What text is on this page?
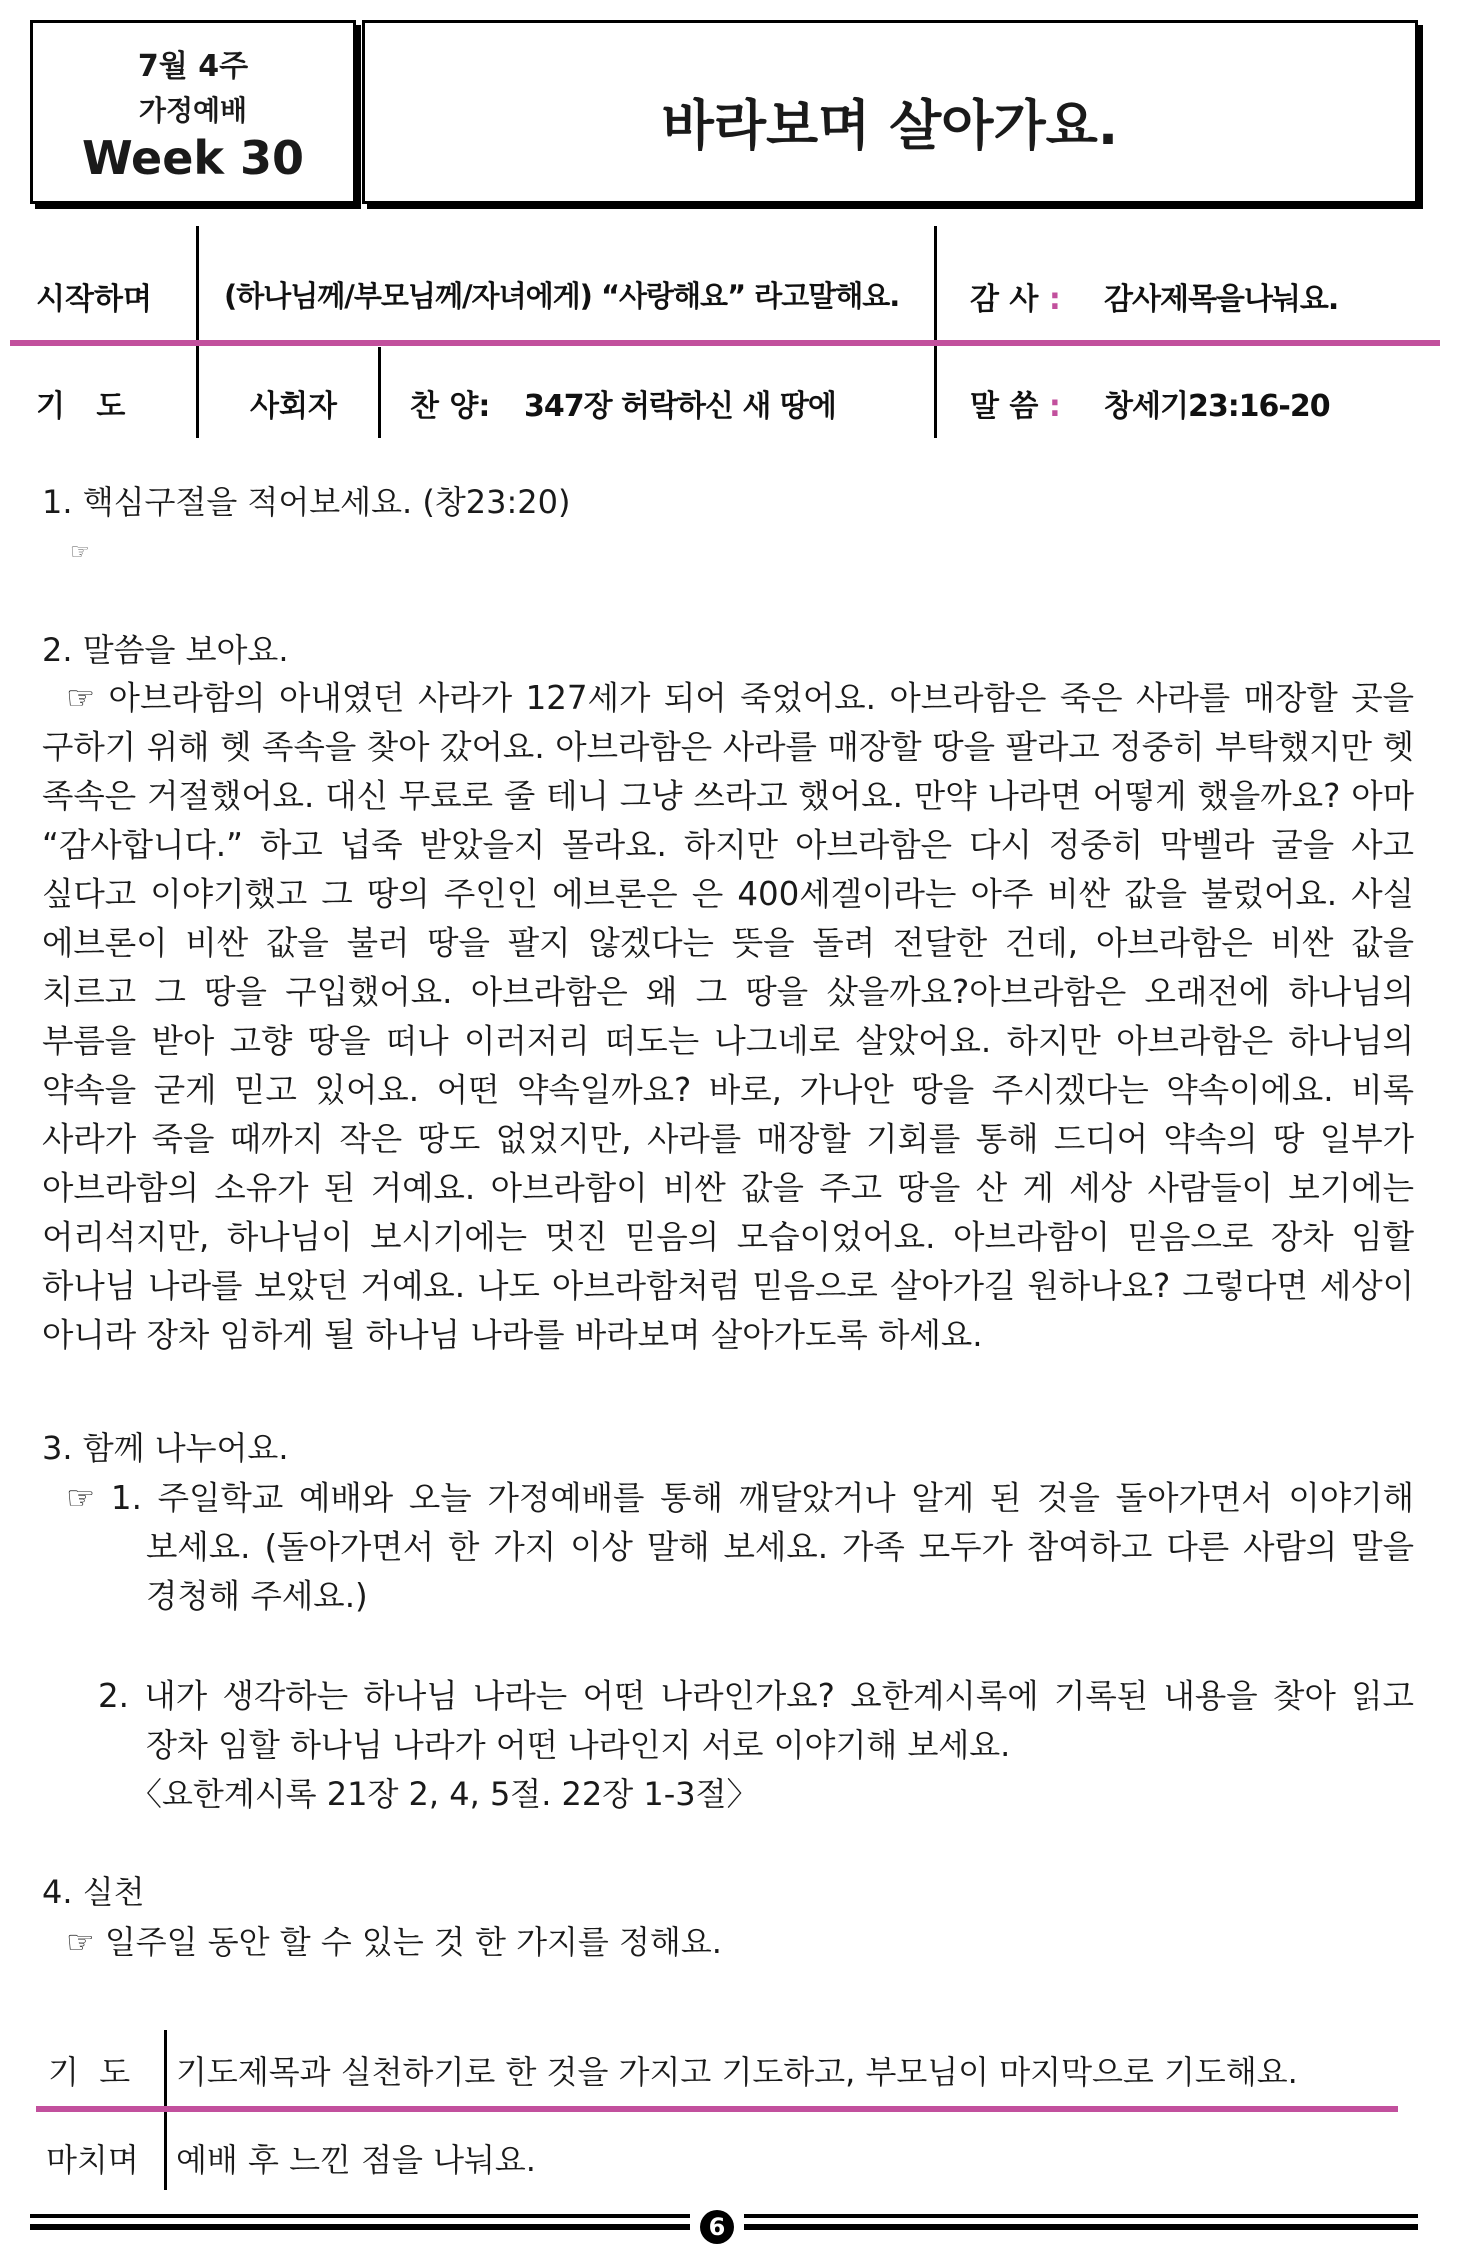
7월 4주
가정예배
Week 30
바라보며 살아가요.
시작하며 (하나님께/부모님께/자녀에게) “사랑해요” 라고말해요. 감 사 : 감사제목을나눠요.
기   도	사회자 찬 양: 347장 허락하신 새 땅에	말 씀 : 창세기23:16-20
1. 핵심구절을 적어보세요. (창23:20)
☞
2. 말씀을 보아요.
☞ 아브라함의 아내였던 사라가 127세가 되어 죽었어요. 아브라함은 죽은 사라를 매장할 곳을
구하기 위해 헷 족속을 찾아 갔어요. 아브라함은 사라를 매장할 땅을 팔라고 정중히 부탁했지만 헷
족속은 거절했어요. 대신 무료로 줄 테니 그냥 쓰라고 했어요. 만약 나라면 어떻게 했을까요? 아마
“감사합니다.” 하고 넙죽 받았을지 몰라요. 하지만 아브라함은 다시 정중히 막벨라 굴을 사고
싶다고 이야기했고 그 땅의 주인인 에브론은 은 400세겔이라는 아주 비싼 값을 불렀어요. 사실
에브론이 비싼 값을 불러 땅을 팔지 않겠다는 뜻을 돌려 전달한 건데, 아브라함은 비싼 값을
치르고 그 땅을 구입했어요. 아브라함은 왜 그 땅을 샀을까요?아브라함은 오래전에 하나님의
부름을 받아 고향 땅을 떠나 이러저리 떠도는 나그네로 살았어요. 하지만 아브라함은 하나님의
약속을 굳게 믿고 있어요. 어떤 약속일까요? 바로, 가나안 땅을 주시겠다는 약속이에요. 비록
사라가 죽을 때까지 작은 땅도 없었지만, 사라를 매장할 기회를 통해 드디어 약속의 땅 일부가
아브라함의 소유가 된 거예요. 아브라함이 비싼 값을 주고 땅을 산 게 세상 사람들이 보기에는
어리석지만, 하나님이 보시기에는 멋진 믿음의 모습이었어요. 아브라함이 믿음으로 장차 임할
하나님 나라를 보았던 거예요. 나도 아브라함처럼 믿음으로 살아가길 원하나요? 그렇다면 세상이
아니라 장차 임하게 될 하나님 나라를 바라보며 살아가도록 하세요.
3. 함께 나누어요.
☞ 1. 주일학교 예배와 오늘 가정예배를 통해 깨달았거나 알게 된 것을 돌아가면서 이야기해
보세요. (돌아가면서 한 가지 이상 말해 보세요. 가족 모두가 참여하고 다른 사람의 말을
경청해 주세요.)
2. 내가 생각하는 하나님 나라는 어떤 나라인가요? 요한계시록에 기록된 내용을 찾아 읽고
장차 임할 하나님 나라가 어떤 나라인지 서로 이야기해 보세요.
〈요한계시록 21장 2, 4, 5절. 22장 1-3절〉
4. 실천
☞ 일주일 동안 할 수 있는 것 한 가지를 정해요.
기  도 기도제목과 실천하기로 한 것을 가지고 기도하고, 부모님이 마지막으로 기도해요.
마치며 예배 후 느낀 점을 나눠요.
6
